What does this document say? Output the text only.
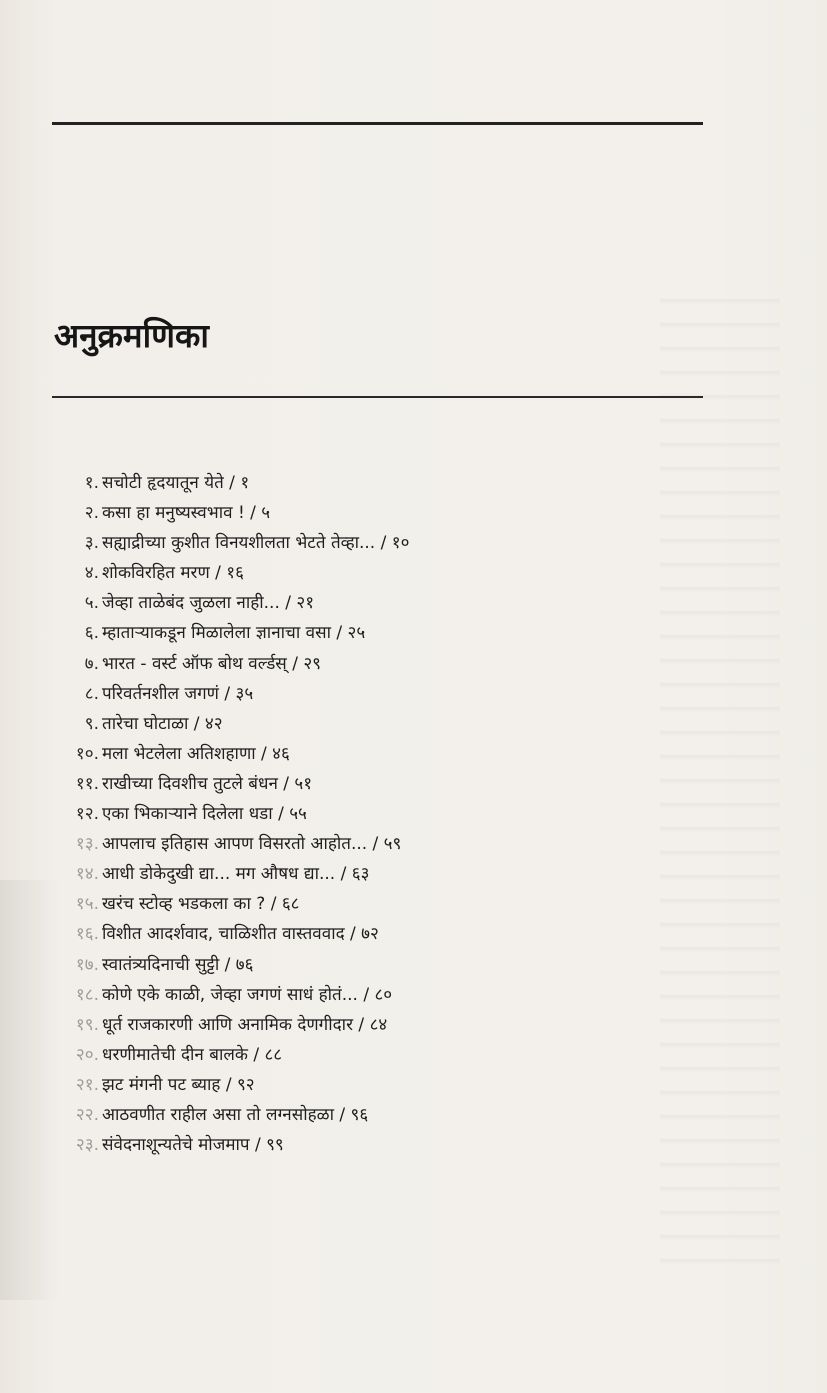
अनुक्रमणिका
१. सचोटी हृदयातून येते / १
२. कसा हा मनुष्यस्वभाव ! / ५
३. सह्याद्रीच्या कुशीत विनयशीलता भेटते तेव्हा... / १०
४. शोकविरहित मरण / १६
५. जेव्हा ताळेबंद जुळला नाही... / २१
६. म्हाताऱ्याकडून मिळालेला ज्ञानाचा वसा / २५
७. भारत - वर्स्ट ऑफ बोथ वर्ल्डस् / २९
८. परिवर्तनशील जगणं / ३५
९. तारेचा घोटाळा / ४२
१०. मला भेटलेला अतिशहाणा / ४६
११. राखीच्या दिवशीच तुटले बंधन / ५१
१२. एका भिकाऱ्याने दिलेला धडा / ५५
१३. आपलाच इतिहास आपण विसरतो आहोत... / ५९
१४. आधी डोकेदुखी द्या... मग औषध द्या... / ६३
१५. खरंच स्टोव्ह भडकला का ? / ६८
१६. विशीत आदर्शवाद, चाळिशीत वास्तववाद / ७२
१७. स्वातंत्र्यदिनाची सुट्टी / ७६
१८. कोणे एके काळी, जेव्हा जगणं साधं होतं... / ८०
१९. धूर्त राजकारणी आणि अनामिक देणगीदार / ८४
२०. धरणीमातेची दीन बालके / ८८
२१. झट मंगनी पट ब्याह / ९२
२२. आठवणीत राहील असा तो लग्नसोहळा / ९६
२३. संवेदनाशून्यतेचे मोजमाप / ९९
